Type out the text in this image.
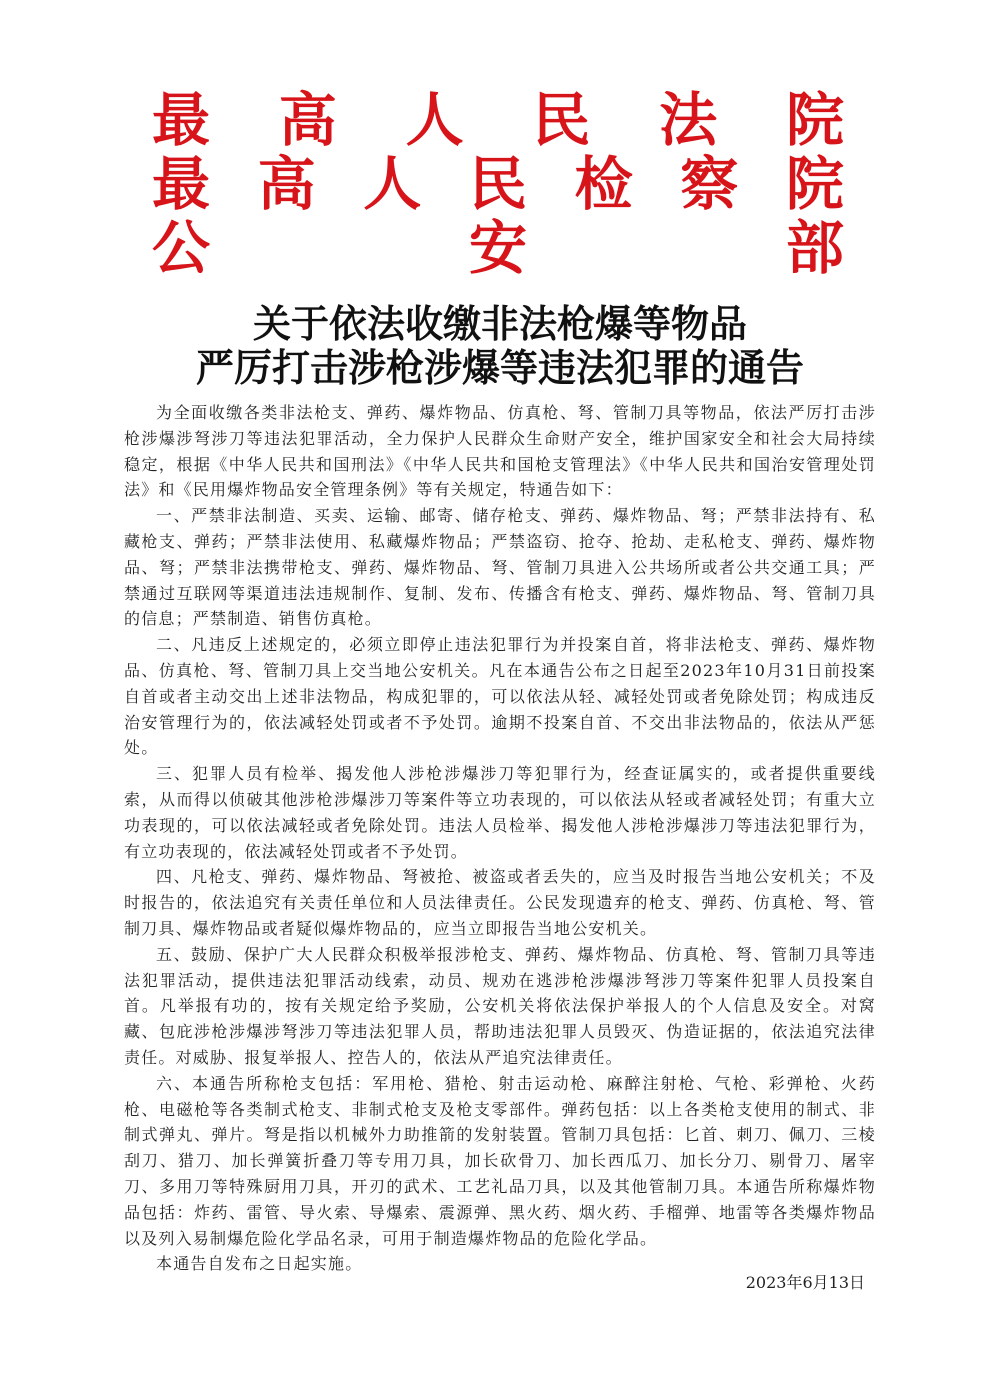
最 高 人 民 法 院
最 高 人 民 检 察 院
公	安	部
关于依法收缴非法枪爆等物品
严厉打击涉枪涉爆等违法犯罪的通告

为全面收缴各类非法枪支、弹药、爆炸物品、仿真枪、弩、管制刀具等物品，依法严厉打击涉枪涉爆涉弩涉刀等违法犯罪活动，全力保护人民群众生命财产安全，维护国家安全和社会大局持续稳定，根据《中华人民共和国刑法》《中华人民共和国枪支管理法》《中华人民共和国治安管理处罚法》和《民用爆炸物品安全管理条例》等有关规定，特通告如下：

一、严禁非法制造、买卖、运输、邮寄、储存枪支、弹药、爆炸物品、弩；严禁非法持有、私藏枪支、弹药；严禁非法使用、私藏爆炸物品；严禁盗窃、抢夺、抢劫、走私枪支、弹药、爆炸物品、弩；严禁非法携带枪支、弹药、爆炸物品、弩、管制刀具进入公共场所或者公共交通工具；严禁通过互联网等渠道违法违规制作、复制、发布、传播含有枪支、弹药、爆炸物品、弩、管制刀具的信息；严禁制造、销售仿真枪。

二、凡违反上述规定的，必须立即停止违法犯罪行为并投案自首，将非法枪支、弹药、爆炸物品、仿真枪、弩、管制刀具上交当地公安机关。凡在本通告公布之日起至2023年10月31日前投案自首或者主动交出上述非法物品，构成犯罪的，可以依法从轻、减轻处罚或者免除处罚；构成违反治安管理行为的，依法减轻处罚或者不予处罚。逾期不投案自首、不交出非法物品的，依法从严惩处。

三、犯罪人员有检举、揭发他人涉枪涉爆涉刀等犯罪行为，经查证属实的，或者提供重要线索，从而得以侦破其他涉枪涉爆涉刀等案件等立功表现的，可以依法从轻或者减轻处罚；有重大立功表现的，可以依法减轻或者免除处罚。违法人员检举、揭发他人涉枪涉爆涉刀等违法犯罪行为，有立功表现的，依法减轻处罚或者不予处罚。

四、凡枪支、弹药、爆炸物品、弩被抢、被盗或者丢失的，应当及时报告当地公安机关；不及时报告的，依法追究有关责任单位和人员法律责任。公民发现遗弃的枪支、弹药、仿真枪、弩、管制刀具、爆炸物品或者疑似爆炸物品的，应当立即报告当地公安机关。

五、鼓励、保护广大人民群众积极举报涉枪支、弹药、爆炸物品、仿真枪、弩、管制刀具等违法犯罪活动，提供违法犯罪活动线索，动员、规劝在逃涉枪涉爆涉弩涉刀等案件犯罪人员投案自首。凡举报有功的，按有关规定给予奖励，公安机关将依法保护举报人的个人信息及安全。对窝藏、包庇涉枪涉爆涉弩涉刀等违法犯罪人员，帮助违法犯罪人员毁灭、伪造证据的，依法追究法律责任。对威胁、报复举报人、控告人的，依法从严追究法律责任。

六、本通告所称枪支包括：军用枪、猎枪、射击运动枪、麻醉注射枪、气枪、彩弹枪、火药枪、电磁枪等各类制式枪支、非制式枪支及枪支零部件。弹药包括：以上各类枪支使用的制式、非制式弹丸、弹片。弩是指以机械外力助推箭的发射装置。管制刀具包括：匕首、刺刀、佩刀、三棱刮刀、猎刀、加长弹簧折叠刀等专用刀具，加长砍骨刀、加长西瓜刀、加长分刀、剔骨刀、屠宰刀、多用刀等特殊厨用刀具，开刃的武术、工艺礼品刀具，以及其他管制刀具。本通告所称爆炸物品包括：炸药、雷管、导火索、导爆索、震源弹、黑火药、烟火药、手榴弹、地雷等各类爆炸物品以及列入易制爆危险化学品名录，可用于制造爆炸物品的危险化学品。

本通告自发布之日起实施。

2023年6月13日
